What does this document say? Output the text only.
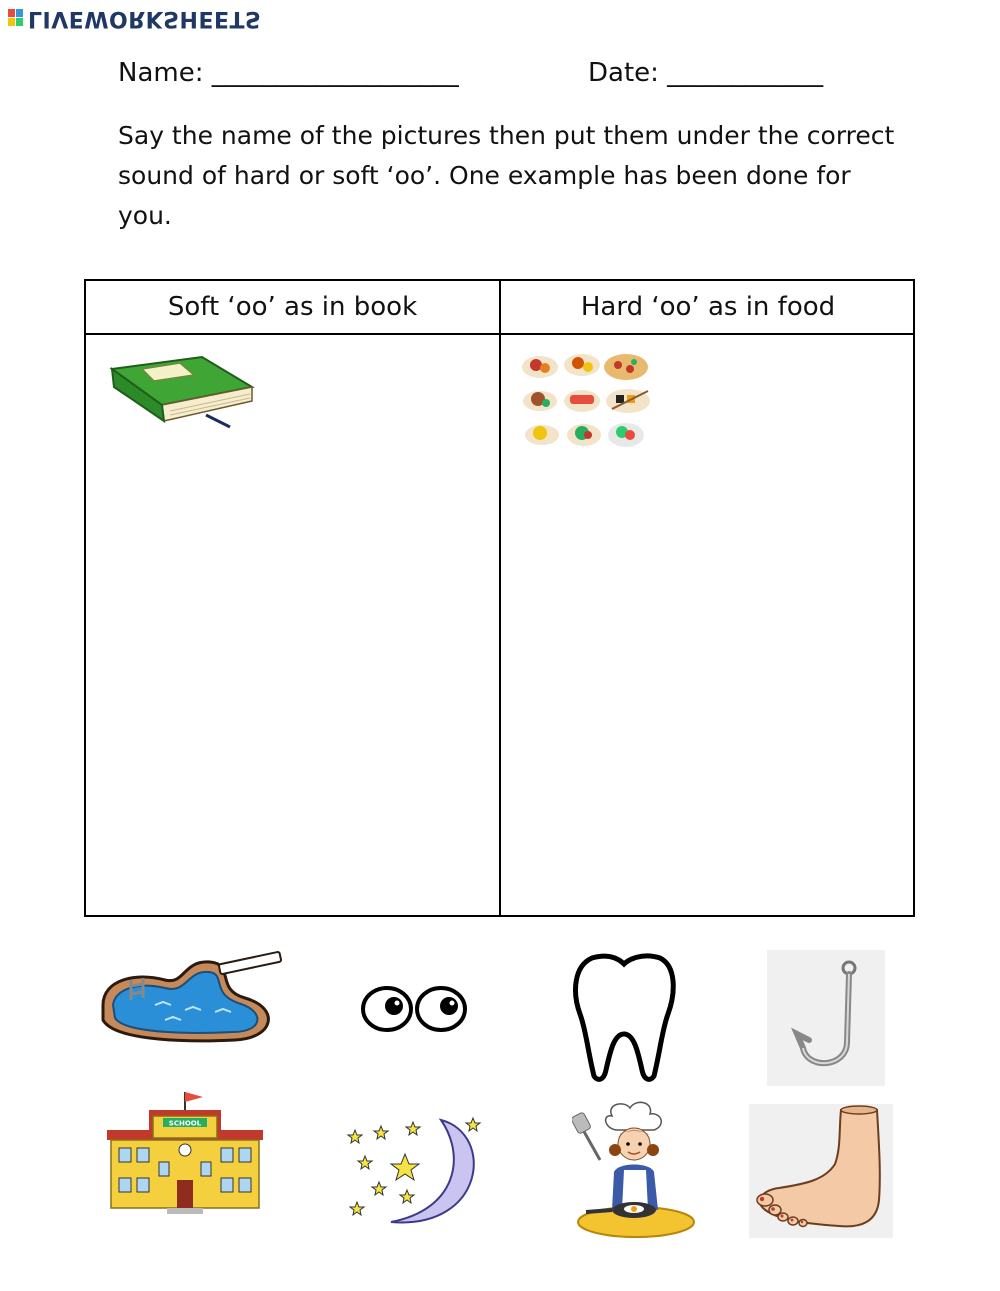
LIVEWORKSHEETS
Name: ___________________	Date: ____________
Say the name of the pictures then put them under the correct sound of hard or soft ‘oo’. One example has been done for you.
Soft ‘oo’ as in book	Hard ‘oo’ as in food
SCHOOL
